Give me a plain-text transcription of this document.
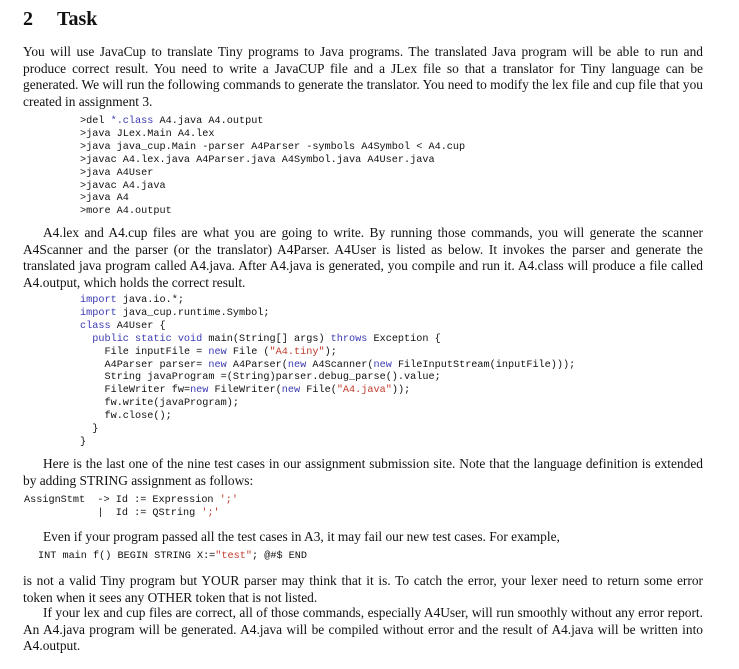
2 Task
You will use JavaCup to translate Tiny programs to Java programs. The translated Java program will be able to run and produce correct result. You need to write a JavaCUP file and a JLex file so that a translator for Tiny language can be generated. We will run the following commands to generate the translator. You need to modify the lex file and cup file that you created in assignment 3.
>del *.class A4.java A4.output
>java JLex.Main A4.lex
>java java_cup.Main -parser A4Parser -symbols A4Symbol < A4.cup
>javac A4.lex.java A4Parser.java A4Symbol.java A4User.java
>java A4User
>javac A4.java
>java A4
>more A4.output
A4.lex and A4.cup files are what you are going to write. By running those commands, you will generate the scanner A4Scanner and the parser (or the translator) A4Parser. A4User is listed as below. It invokes the parser and generate the translated java program called A4.java. After A4.java is generated, you compile and run it. A4.class will produce a file called A4.output, which holds the correct result.
import java.io.*;
import java_cup.runtime.Symbol;
class A4User {
public static void main(String[] args) throws Exception {
File inputFile = new File ("A4.tiny");
A4Parser parser= new A4Parser(new A4Scanner(new FileInputStream(inputFile)));
String javaProgram =(String)parser.debug_parse().value;
FileWriter fw=new FileWriter(new File("A4.java"));
fw.write(javaProgram);
fw.close();
}
}
Here is the last one of the nine test cases in our assignment submission site. Note that the language definition is extended by adding STRING assignment as follows:
AssignStmt -> Id := Expression ';'
| Id := QString ';'
Even if your program passed all the test cases in A3, it may fail our new test cases. For example,
INT main f() BEGIN STRING X:="test"; @#$ END
is not a valid Tiny program but YOUR parser may think that it is. To catch the error, your lexer need to return some error token when it sees any OTHER token that is not listed.
If your lex and cup files are correct, all of those commands, especially A4User, will run smoothly without any error report. An A4.java program will be generated. A4.java will be compiled without error and the result of A4.java will be written into A4.output.
